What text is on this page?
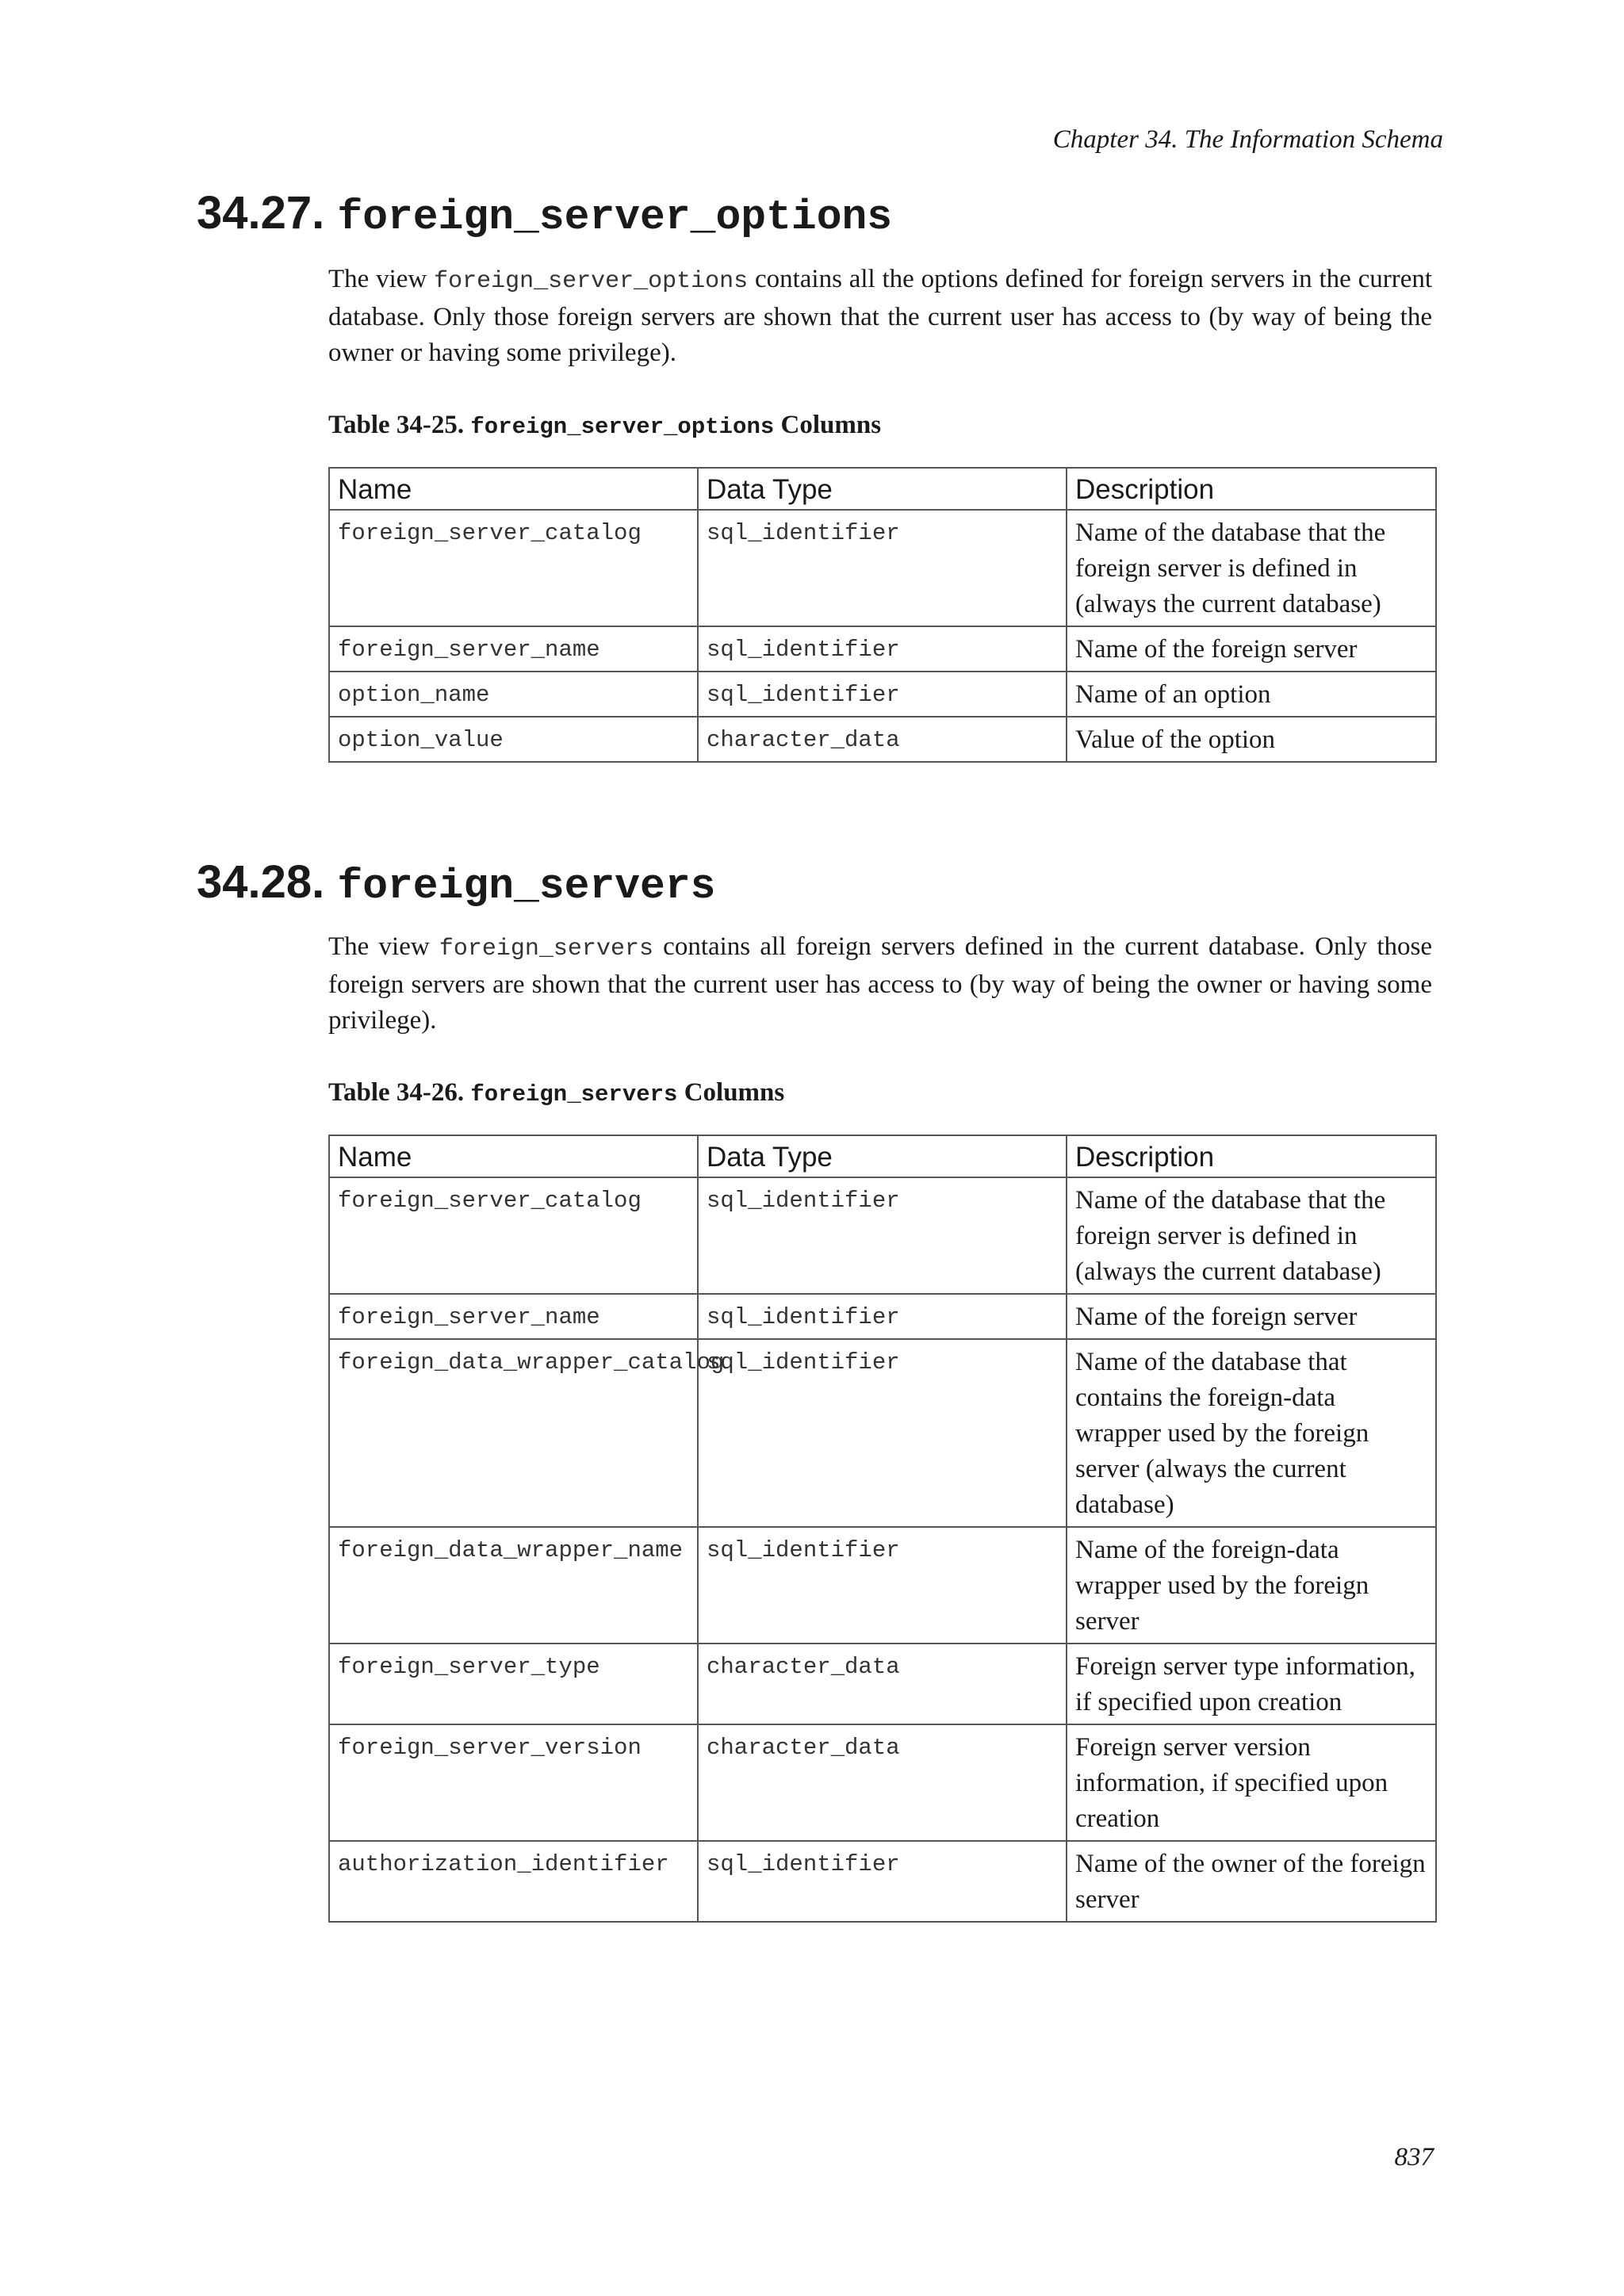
Chapter 34. The Information Schema
34.27. foreign_server_options

The view foreign_server_options contains all the options defined for foreign servers in the current database. Only those foreign servers are shown that the current user has access to (by way of being the owner or having some privilege).

Table 34-25. foreign_server_options Columns

Name	Data Type	Description
foreign_server_catalog	sql_identifier	Name of the database that the foreign server is defined in (always the current database)
foreign_server_name	sql_identifier	Name of the foreign server
option_name	sql_identifier	Name of an option
option_value	character_data	Value of the option
34.28. foreign_servers

The view foreign_servers contains all foreign servers defined in the current database. Only those foreign servers are shown that the current user has access to (by way of being the owner or having some privilege).

Table 34-26. foreign_servers Columns

Name	Data Type	Description
foreign_server_catalog	sql_identifier	Name of the database that the foreign server is defined in (always the current database)
foreign_server_name	sql_identifier	Name of the foreign server
foreign_data_wrapper_catalog	sql_identifier	Name of the database that contains the foreign-data wrapper used by the foreign server (always the current database)
foreign_data_wrapper_name	sql_identifier	Name of the foreign-data wrapper used by the foreign server
foreign_server_type	character_data	Foreign server type information, if specified upon creation
foreign_server_version	character_data	Foreign server version information, if specified upon creation
authorization_identifier	sql_identifier	Name of the owner of the foreign server
837
